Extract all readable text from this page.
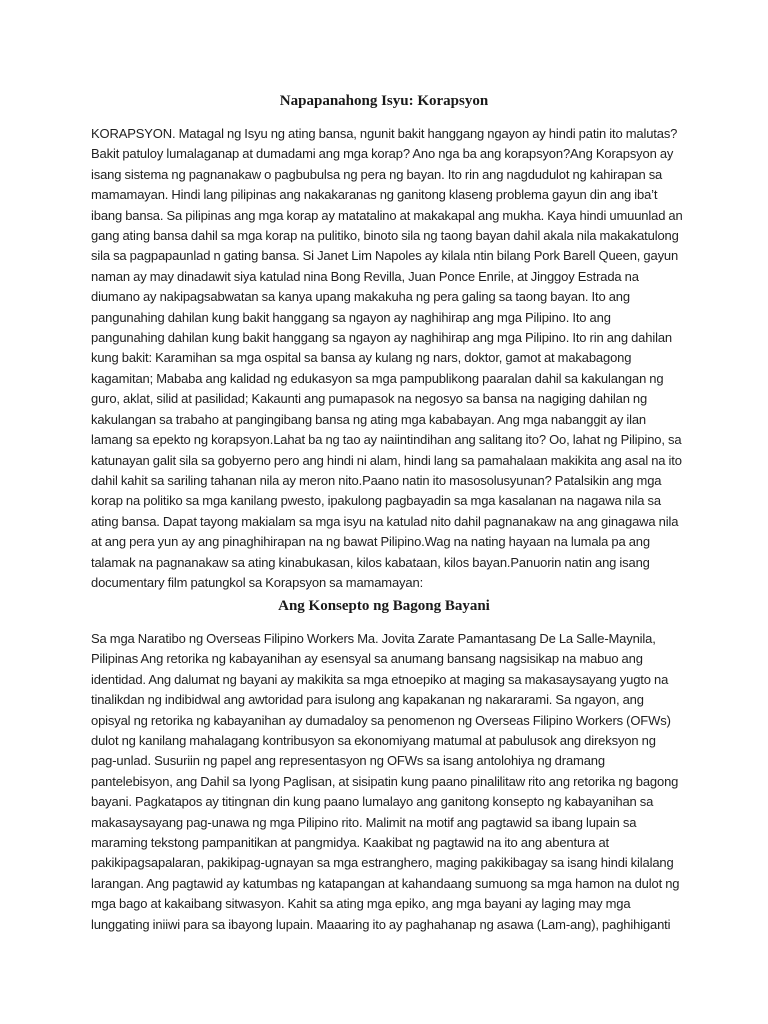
Napapanahong Isyu: Korapsyon

KORAPSYON. Matagal ng Isyu ng ating bansa, ngunit bakit hanggang ngayon ay hindi patin ito malutas? Bakit patuloy lumalaganap at dumadami ang mga korap? Ano nga ba ang korapsyon?Ang Korapsyon ay isang sistema ng pagnanakaw o pagbubulsa ng pera ng bayan. Ito rin ang nagdudulot ng kahirapan sa mamamayan. Hindi lang pilipinas ang nakakaranas ng ganitong klaseng problema gayun din ang iba’t ibang bansa. Sa pilipinas ang mga korap ay matatalino at makakapal ang mukha. Kaya hindi umuunlad an gang ating bansa dahil sa mga korap na pulitiko, binoto sila ng taong bayan dahil akala nila makakatulong sila sa pagpapaunlad n gating bansa. Si Janet Lim Napoles ay kilala ntin bilang Pork Barell Queen, gayun naman ay may dinadawit siya katulad nina Bong Revilla, Juan Ponce Enrile, at Jinggoy Estrada na diumano ay nakipagsabwatan sa kanya upang makakuha ng pera galing sa taong bayan. Ito ang pangunahing dahilan kung bakit hanggang sa ngayon ay naghihirap ang mga Pilipino. Ito ang pangunahing dahilan kung bakit hanggang sa ngayon ay naghihirap ang mga Pilipino. Ito rin ang dahilan kung bakit: Karamihan sa mga ospital sa bansa ay kulang ng nars, doktor, gamot at makabagong kagamitan; Mababa ang kalidad ng edukasyon sa mga pampublikong paaralan dahil sa kakulangan ng guro, aklat, silid at pasilidad; Kakaunti ang pumapasok na negosyo sa bansa na nagiging dahilan ng kakulangan sa trabaho at pangingibang bansa ng ating mga kababayan. Ang mga nabanggit ay ilan lamang sa epekto ng korapsyon.Lahat ba ng tao ay naiintindihan ang salitang ito? Oo, lahat ng Pilipino, sa katunayan galit sila sa gobyerno pero ang hindi ni alam, hindi lang sa pamahalaan makikita ang asal na ito dahil kahit sa sariling tahanan nila ay meron nito.Paano natin ito masosolusyunan? Patalsikin ang mga korap na politiko sa mga kanilang pwesto, ipakulong pagbayadin sa mga kasalanan na nagawa nila sa ating bansa. Dapat tayong makialam sa mga isyu na katulad nito dahil pagnanakaw na ang ginagawa nila at ang pera yun ay ang pinaghihirapan na ng bawat Pilipino.Wag na nating hayaan na lumala pa ang talamak na pagnanakaw sa ating kinabukasan, kilos kabataan, kilos bayan.Panuorin natin ang isang documentary film patungkol sa Korapsyon sa mamamayan:

Ang Konsepto ng Bagong Bayani

Sa mga Naratibo ng Overseas Filipino Workers Ma. Jovita Zarate Pamantasang De La Salle-Maynila, Pilipinas Ang retorika ng kabayanihan ay esensyal sa anumang bansang nagsisikap na mabuo ang identidad. Ang dalumat ng bayani ay makikita sa mga etnoepiko at maging sa makasaysayang yugto na tinalikdan ng indibidwal ang awtoridad para isulong ang kapakanan ng nakararami. Sa ngayon, ang opisyal ng retorika ng kabayanihan ay dumadaloy sa penomenon ng Overseas Filipino Workers (OFWs) dulot ng kanilang mahalagang kontribusyon sa ekonomiyang matumal at pabulusok ang direksyon ng pag-unlad. Susuriin ng papel ang representasyon ng OFWs sa isang antolohiya ng dramang pantelebisyon, ang Dahil sa Iyong Paglisan, at sisipatin kung paano pinalilitaw rito ang retorika ng bagong bayani. Pagkatapos ay titingnan din kung paano lumalayo ang ganitong konsepto ng kabayanihan sa makasaysayang pag-unawa ng mga Pilipino rito. Malimit na motif ang pagtawid sa ibang lupain sa maraming tekstong pampanitikan at pangmidya. Kaakibat ng pagtawid na ito ang abentura at pakikipagsapalaran, pakikipag-ugnayan sa mga estranghero, maging pakikibagay sa isang hindi kilalang larangan. Ang pagtawid ay katumbas ng katapangan at kahandaang sumuong sa mga hamon na dulot ng mga bago at kakaibang sitwasyon. Kahit sa ating mga epiko, ang mga bayani ay laging may mga lunggating iniiwi para sa ibayong lupain. Maaaring ito ay paghahanap ng asawa (Lam-ang), paghihiganti
